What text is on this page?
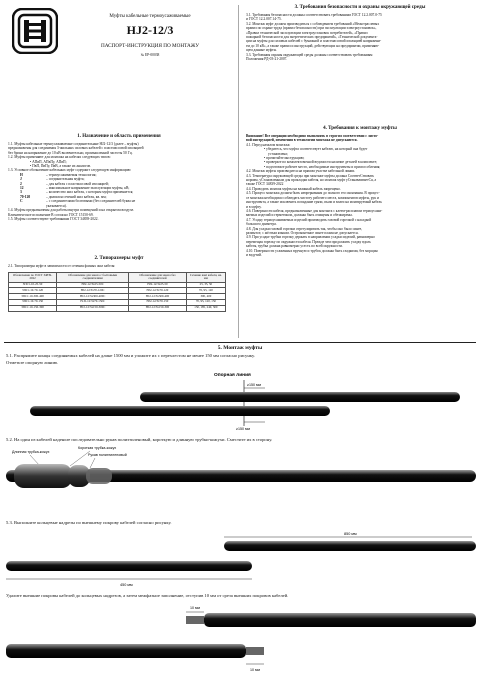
Муфты кабельные термоусаживаемые
НJ2-12/3
ПАСПОРТ-ИНСТРУКЦИЯ ПО МОНТАЖУ
№ EP-00038
1. Назначение и область применения
1.1. Муфты кабельные термоусаживаемые соединительные НJ2-12/3 (далее – муфты)
предназначены для соединения 3-жильных силовых кабелей с пластмассовой изоляцией
без брони на напряжение до 10 кВ включительно, промышленной частоты 50 Гц.
1.2. Муфты применяют для монтажа на кабелях следующих типов:
• АПвП, АПвПу, АПвП;
• ПвП, ПвПу, ПвВ, а также их аналогов.
1.3. Условное обозначение кабельных муфт содержит следующую информацию:
Н	– термоусаживаемая технология;
J	– соединительная муфта;
2	– для кабеля с пластмассовой изоляцией;
12	– максимальное напряжение эксплуатации муфты, кВ;
3	– количество жил кабеля, с которым муфта применяется;
70-120	– диапазон сечений жил кабеля, кв. мм;
С	– с соединителями болтовыми (без соединителей буква не
указывается).
1.4. Муфты предназначены для работы внутри помещений и на открытом воздухе.
Климатическое исполнение В согласно ГОСТ 15150-69.
1.5. Муфты соответствуют требованиям ГОСТ 34839-2022.
2. Типоразмеры муфт
2.1. Типоразмеры муфт в зависимости от сечения фазных жил кабеля:
Обозначение по ГОСТ 34839-2022	Обозначение для заказа с болтовыми соединителями	Обозначение для заказа без соединителей	Сечение жил кабеля, кв. мм
3ПСт-10-25-50	НJ2-12/3х25-50С	НJ2-12/3х25-50	25, 35, 50
3ПСт-10-70-120	НJ2-12/3х70-120С	НJ2-12/3х70-120	70, 95, 120
3ПСт-10-300-400	НJ2-12/3х300-400С	НJ2-12/3х300-400	300, 400
3ПСт-10-70-150	Н.Ј2-12/3х70-150С	НJ2-12/3х70-150	70, 95, 120, 150
3ПСт-10-150-300	НJ2-12/3х150-300С	НJ2-12/3х150-300	150, 185, 240, 300
3. Требования безопасности и охраны окружающей среды
3.1. Требования безопасности должны соответствовать требованиям ГОСТ 12.2.007.0-75
и ГОСТ 12.2.007.14-75.
3.2. Монтаж муфт должен производиться с соблюдением требований «Межотраслевых
правил по охране труда (правил безопасности) при эксплуатации электроустановок»,
«Правил технической эксплуатации электроустановок потребителей», «Правил
пожарной безопасности для энергетических предприятий», «Технической документа-
ции на муфты для силовых кабелей с бумажной и пластмассовой изоляцией напряжени-
ем до 10 кВ», а также правил и инструкций, действующих на предприятии, применяю-
щем данные муфты.
3.3. Требования охраны окружающей среды должны соответствовать требованиям
Положения РД-03-21-2007.
4. Требования к монтажу муфты
Внимание! Все операции необходимо выполнять в строгом соответствии с листо-
вой инструкцией, изменения в технологии монтажа не допускаются.
4.1. Перед началом монтажа:
• убедитесь, что муфта соответствует кабелю, на который она будет
установлена;
• прочитайте инструкцию;
• проверьте по комплектовочной ведомости наличие деталей в комплекте;
• подготовьте рабочее место, необходимые инструменты и приспособления;
4.2. Монтаж муфты производится на прямом участке кабельной линии.
4.3. Температура окружающей среды при монтаже муфты должна СоответСтвовать
нормам, уСтановленным для прокладки кабеля, но монтаж муфт уСтанавливаетСя, а
также ГОСТ 34839-2022
4.4. Проводить монтаж муфты на влажный кабель запрещено.
4.5. Процесс монтажа должен быть непрерывным до полного его окончания. В процес-
се монтажа необходимо соблюдать чистоту рабочего места, компонентов муфты, рук и
инструмента, а также исключить попадание грязи, пыли и влаги на монтируемый кабель
и в муфту.
4.6. Поверхности кабеля, предназначенные для контакта с клеем-расплавом термоусажи-
ваемых изделий и герметиком, должны быть очищены и обезжирены.
4.7. Усадку термоусаживаемых изделий производить газовой горелкой с насадкой
большого диаметра.
4.8. Для усадки газовой горелки отрегулировать так, чтобы оно было синее,
размытое, с жёлтым языком. Остроконечное синее пламя не допускается.
4.9. При усадке трубки горелку держать в направлении усадки изделий, равномерно
перемещая горелку по окружности кабеля. Прежде чем продолжить усадку вдоль
кабеля, трубка должна равномерно усесть по всей окружности.
4.10. Поверхности усаженных вручную и трубок должны быть гладкими, без морщин
и вздутий.
5. Монтаж муфты
5.1. Распрямите концы соединяемых кабелей на длине 1500 мм и уложите их с перехлестом не менее 150 мм согласно рисунку.
Отметьте опорную линию.
Опорная линия
≥150 мм
≥150 мм
5.2. На один из кабелей наденьте последовательно рукав полиэтиленовый, короткую и длинную трубки-кожухи. Сместите их в сторону.
Длинная трубка-кожух
Короткая трубка-кожух
Рукав полиэтиленовый
5.3. Выполните кольцевые надрезы по внешнему покрову кабелей согласно рисунку.
850 мм
450 мм
Удалите внешние покровы кабелей до кольцевых надрезов, а затем межфазное заполнение, отступив 10 мм от среза внешних покровов кабелей.
10 мм
10 мм
